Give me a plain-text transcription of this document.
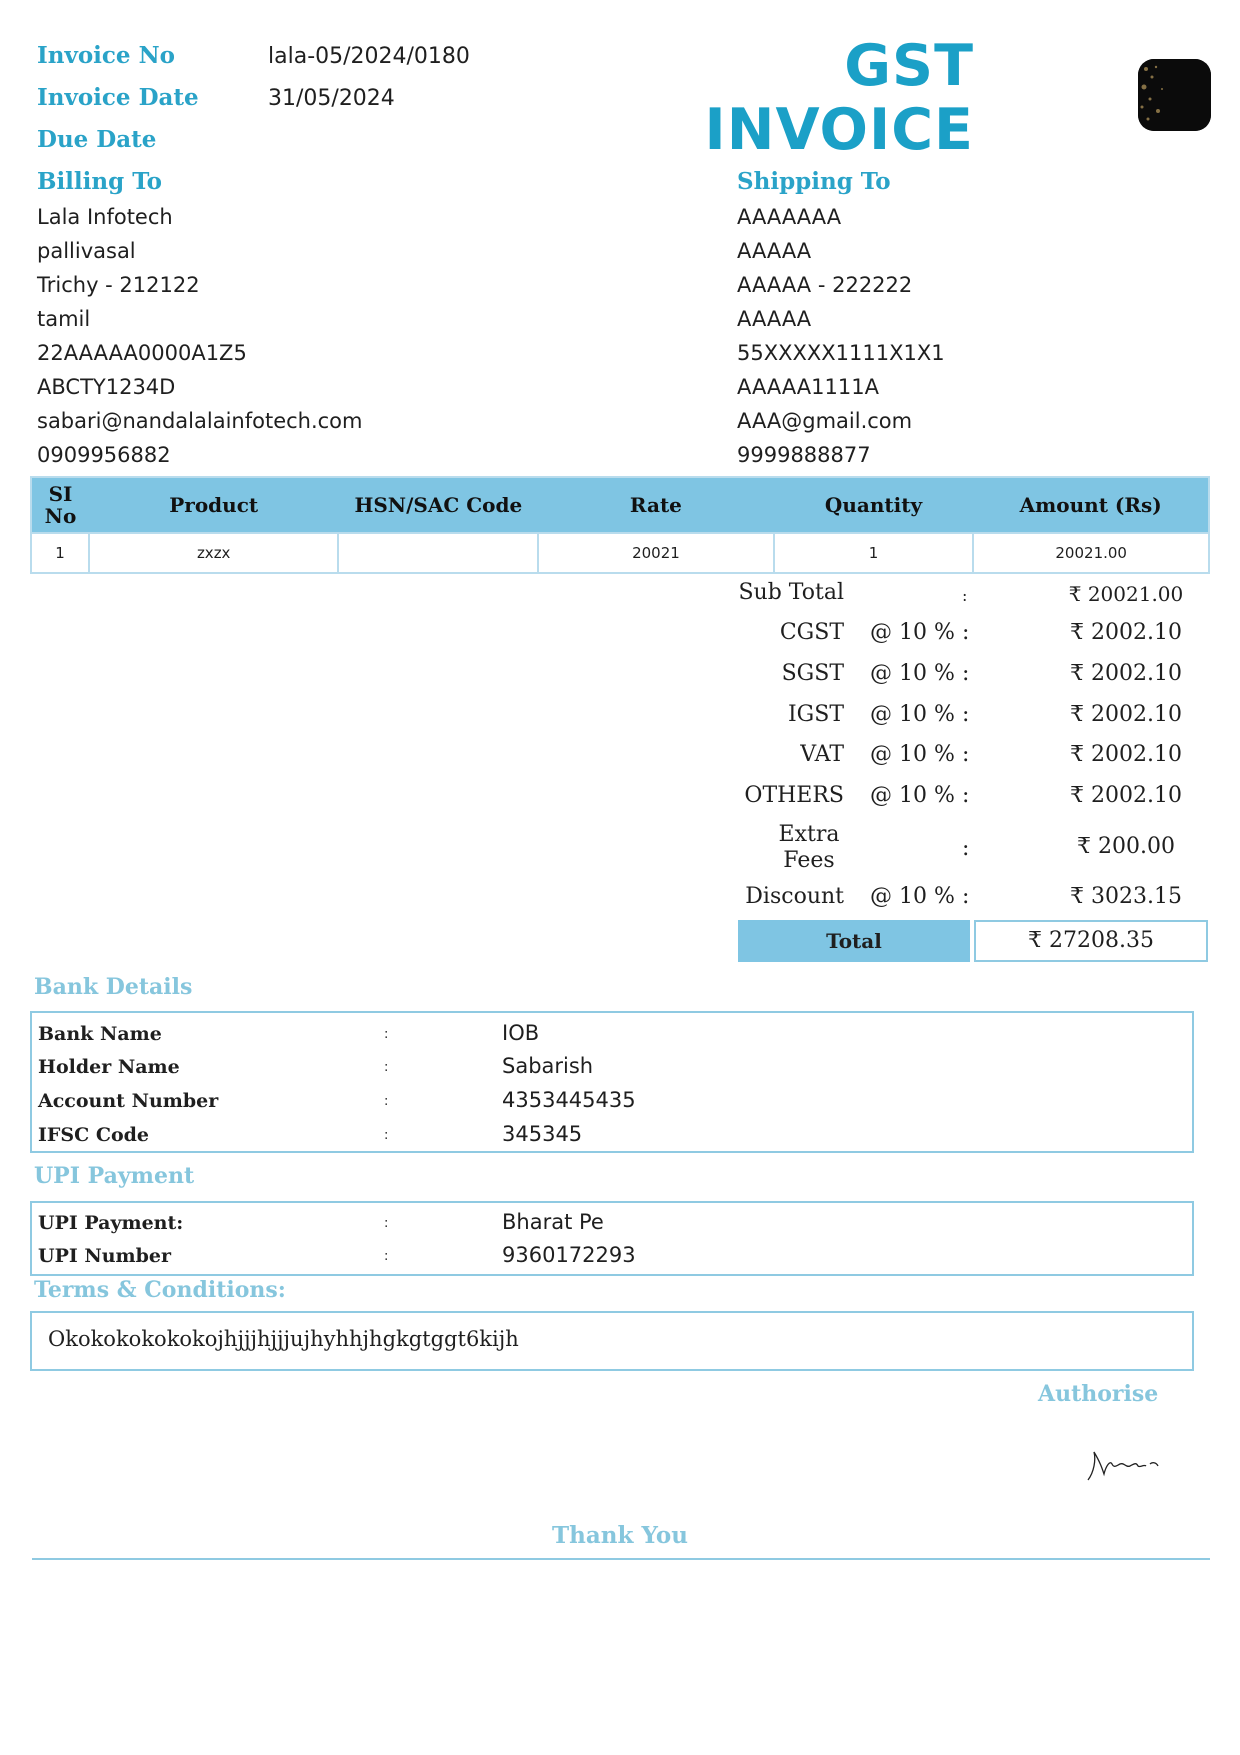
Invoice No	lala-05/2024/0180
Invoice Date	31/05/2024
Due Date
GST
INVOICE
Billing To
Lala Infotech
pallivasal
Trichy - 212122
tamil
22AAAAA0000A1Z5
ABCTY1234D
sabari@nandalalainfotech.com
0909956882
Shipping To
AAAAAAA
AAAAA
AAAAA - 222222
AAAAA
55XXXXX1111X1X1
AAAAA1111A
AAA@gmail.com
9999888877
SI No	Product	HSN/SAC Code	Rate	Quantity	Amount (Rs)
1	zxzx		20021	1	20021.00
Sub Total	:	₹ 20021.00
CGST @ 10 % :	₹ 2002.10
SGST @ 10 % :	₹ 2002.10
IGST @ 10 % :	₹ 2002.10
VAT @ 10 % :	₹ 2002.10
OTHERS @ 10 % :	₹ 2002.10
Extra Fees	:	₹ 200.00
Discount @ 10 % :	₹ 3023.15
Total	₹ 27208.35
Bank Details
Bank Name	:	IOB
Holder Name	:	Sabarish
Account Number	:	4353445435
IFSC Code	:	345345
UPI Payment
UPI Payment:	:	Bharat Pe
UPI Number	:	9360172293
Terms & Conditions:
Okokokokokokojhjjjhjjjujhyhhjhgkgtggt6kijh
Authorise
Thank You
